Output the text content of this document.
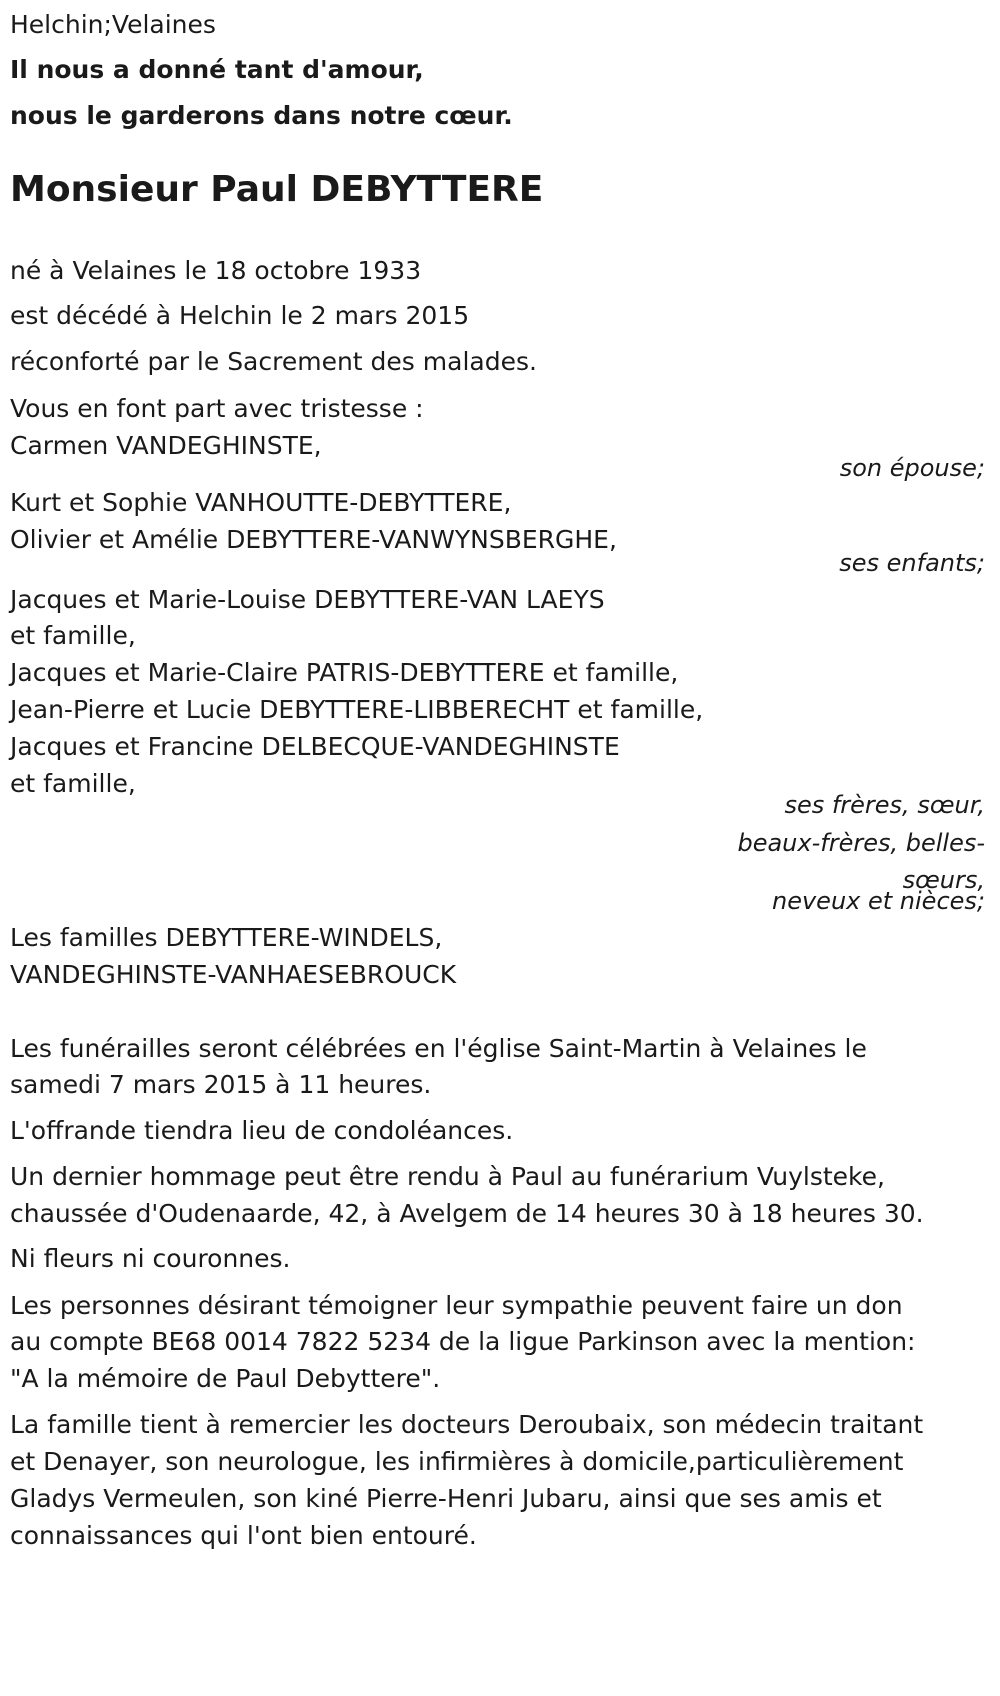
Helchin;Velaines
Il nous a donné tant d'amour,
nous le garderons dans notre cœur.
Monsieur Paul DEBYTTERE
né à Velaines le 18 octobre 1933
est décédé à Helchin le 2 mars 2015
réconforté par le Sacrement des malades.
Vous en font part avec tristesse :
Carmen VANDEGHINSTE,
son épouse;
Kurt et Sophie VANHOUTTE-DEBYTTERE,
Olivier et Amélie DEBYTTERE-VANWYNSBERGHE,
ses enfants;
Jacques et Marie-Louise DEBYTTERE-VAN LAEYS
et famille,
Jacques et Marie-Claire PATRIS-DEBYTTERE et famille,
Jean-Pierre et Lucie DEBYTTERE-LIBBERECHT et famille,
Jacques et Francine DELBECQUE-VANDEGHINSTE
et famille,
ses frères, sœur,
beaux-frères, belles-
sœurs,
neveux et nièces;
Les familles DEBYTTERE-WINDELS,
VANDEGHINSTE-VANHAESEBROUCK
Les funérailles seront célébrées en l'église Saint-Martin à Velaines le
samedi 7 mars 2015 à 11 heures.
L'offrande tiendra lieu de condoléances.
Un dernier hommage peut être rendu à Paul au funérarium Vuylsteke,
chaussée d'Oudenaarde, 42, à Avelgem de 14 heures 30 à 18 heures 30.
Ni fleurs ni couronnes.
Les personnes désirant témoigner leur sympathie peuvent faire un don
au compte BE68 0014 7822 5234 de la ligue Parkinson avec la mention:
"A la mémoire de Paul Debyttere".
La famille tient à remercier les docteurs Deroubaix, son médecin traitant
et Denayer, son neurologue, les infirmières à domicile,particulièrement
Gladys Vermeulen, son kiné Pierre-Henri Jubaru, ainsi que ses amis et
connaissances qui l'ont bien entouré.
